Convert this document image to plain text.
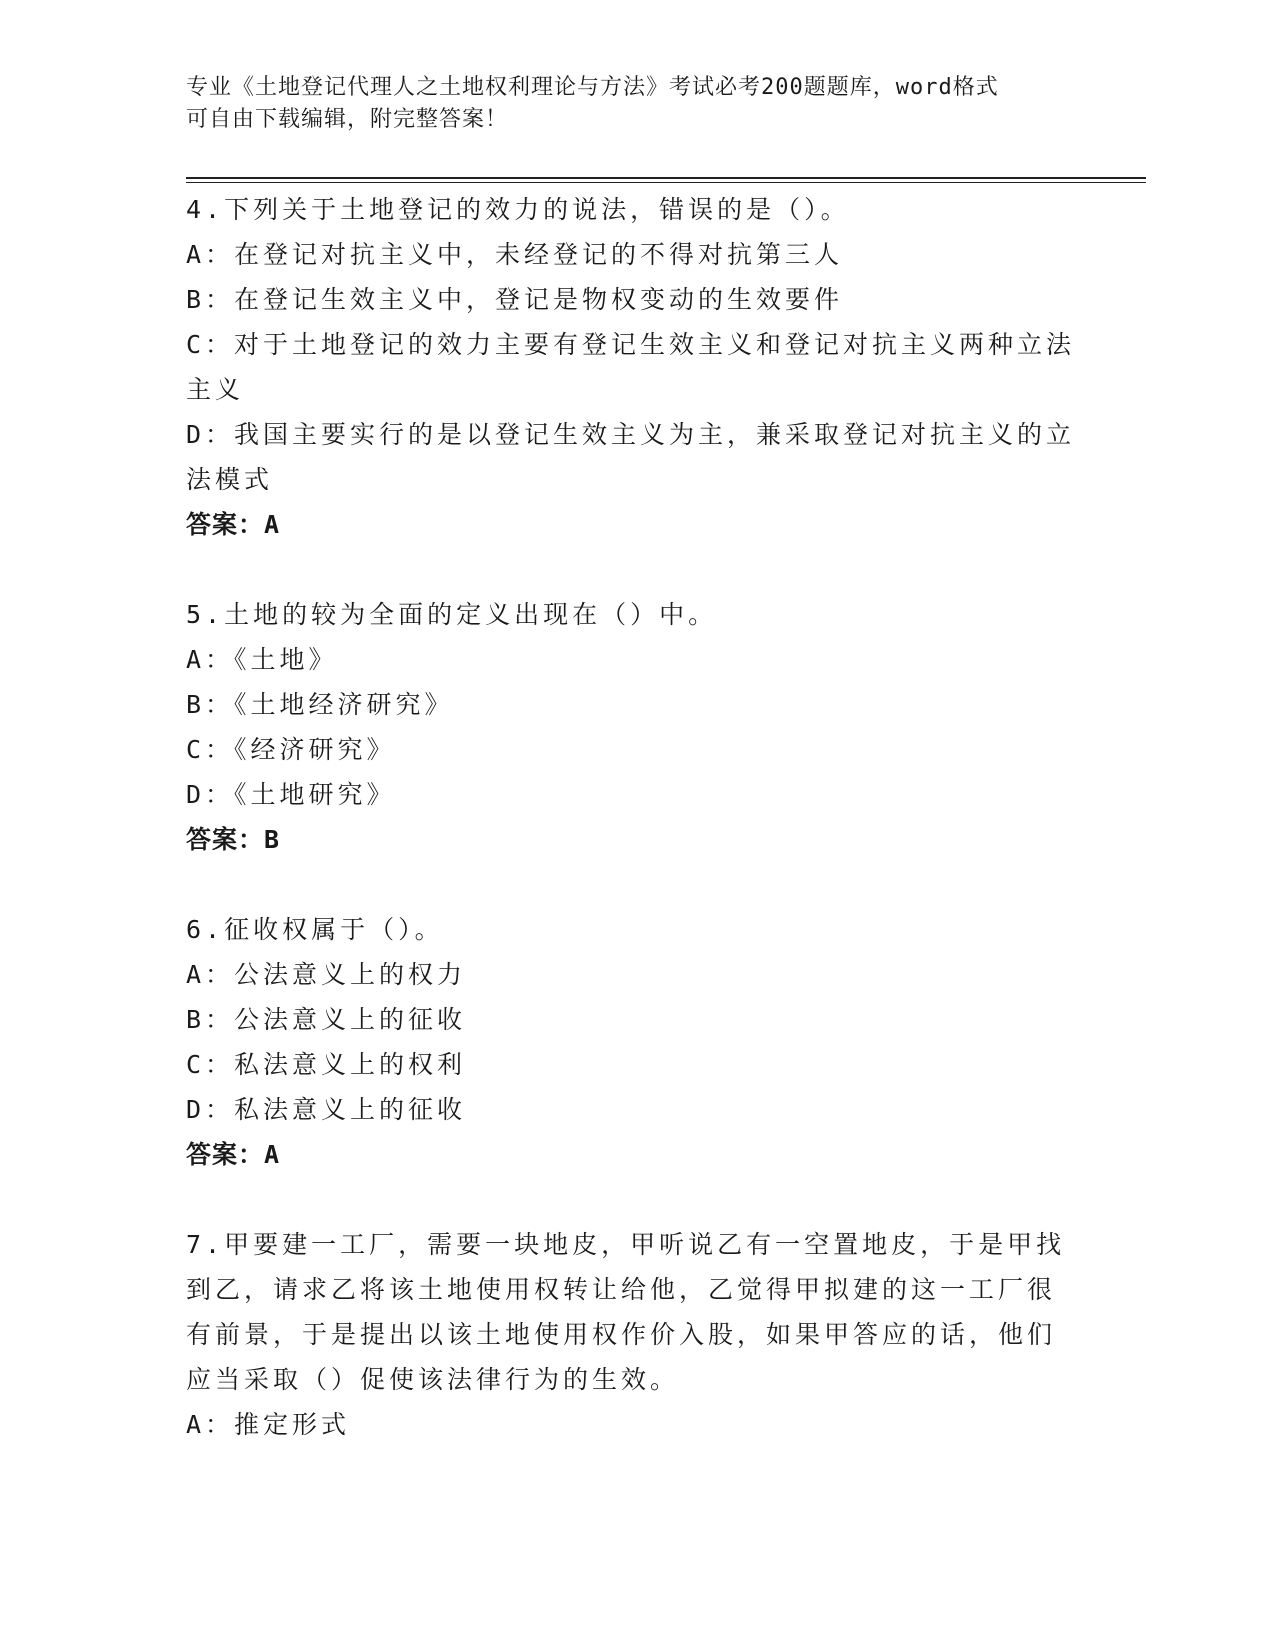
专业《土地登记代理人之土地权利理论与方法》考试必考200题题库，word格式
可自由下载编辑，附完整答案！
4.下列关于土地登记的效力的说法，错误的是（）。
A：在登记对抗主义中，未经登记的不得对抗第三人
B：在登记生效主义中，登记是物权变动的生效要件
C：对于土地登记的效力主要有登记生效主义和登记对抗主义两种立法
主义
D：我国主要实行的是以登记生效主义为主，兼采取登记对抗主义的立
法模式
答案：A
5.土地的较为全面的定义出现在（）中。
A：《土地》
B：《土地经济研究》
C：《经济研究》
D：《土地研究》
答案：B
6.征收权属于（）。
A：公法意义上的权力
B：公法意义上的征收
C：私法意义上的权利
D：私法意义上的征收
答案：A
7.甲要建一工厂，需要一块地皮，甲听说乙有一空置地皮，于是甲找
到乙，请求乙将该土地使用权转让给他，乙觉得甲拟建的这一工厂很
有前景，于是提出以该土地使用权作价入股，如果甲答应的话，他们
应当采取（）促使该法律行为的生效。
A：推定形式
